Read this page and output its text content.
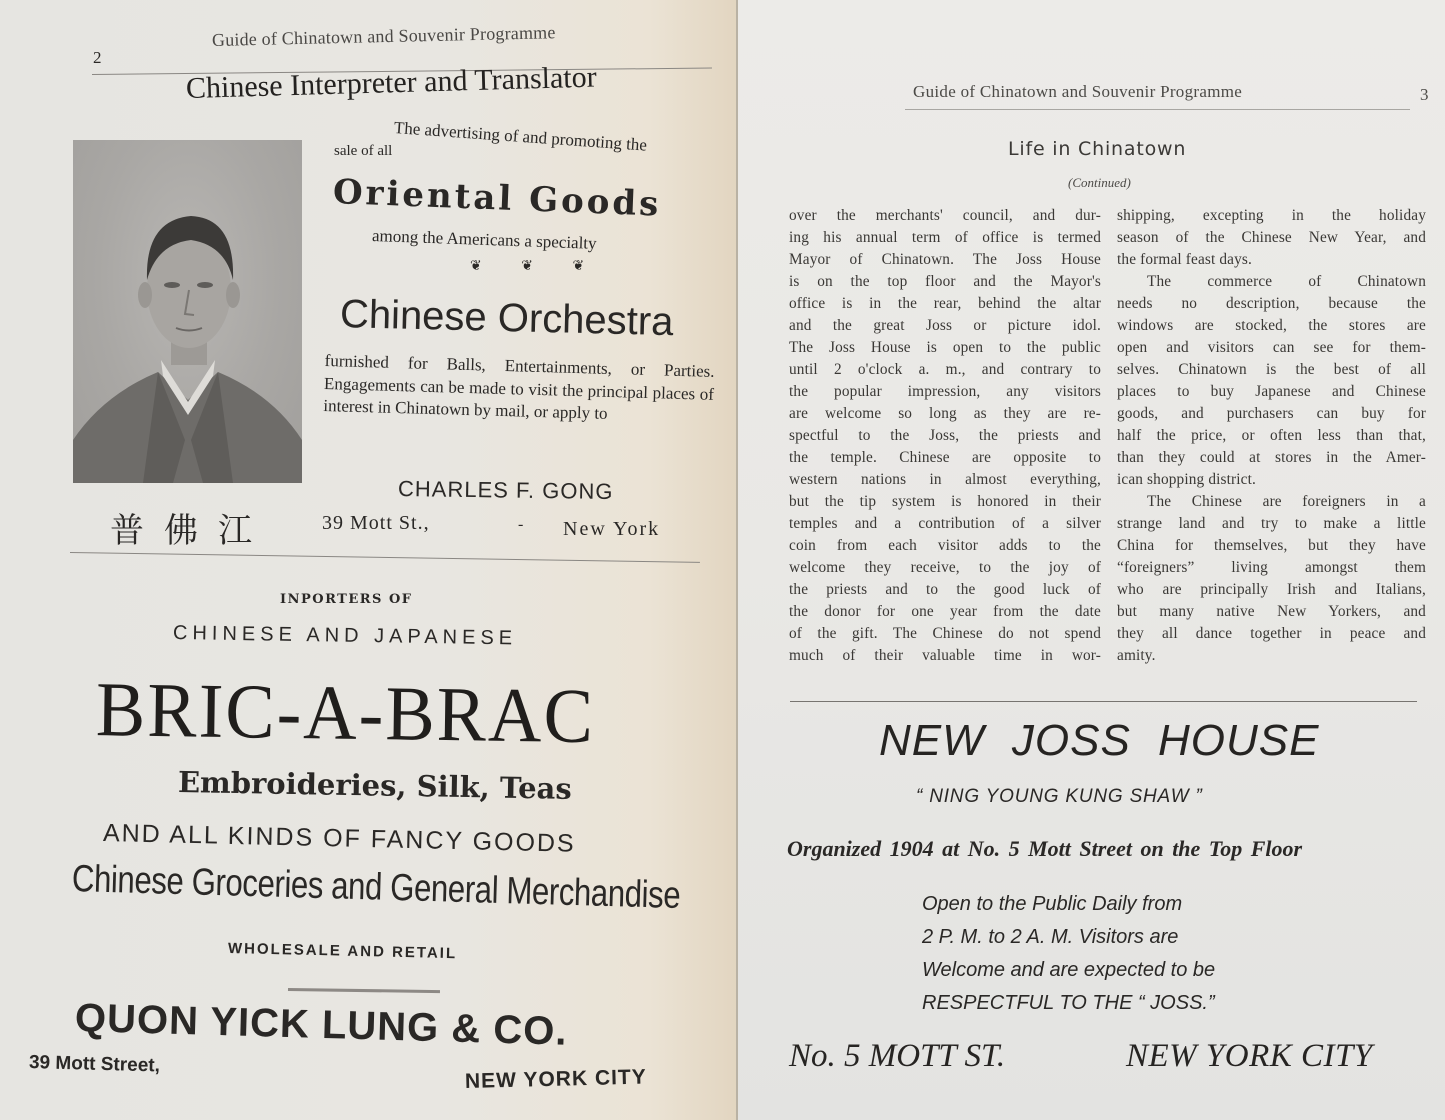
2
Guide of Chinatown and Souvenir Programme
Chinese Interpreter and Translator
The advertising of and promoting the
sale of all
Oriental Goods
among the Americans a specialty
❦ ❦ ❦
Chinese Orchestra
furnished for Balls, Entertainments, or Parties. Engagements can be made to visit the principal places of interest in Chinatown by mail, or apply to
CHARLES F. GONG
普佛江	39 Mott St.,	- New York
INPORTERS OF
CHINESE AND JAPANESE
BRIC-A-BRAC
Embroideries, Silk, Teas
AND ALL KINDS OF FANCY GOODS
Chinese Groceries and General Merchandise
WHOLESALE AND RETAIL
QUON YICK LUNG & CO.
39 Mott Street,
NEW YORK CITY
Guide of Chinatown and Souvenir Programme	3
Life in Chinatown
(Continued)
over the merchants' council, and dur-
ing his annual term of office is termed
Mayor of Chinatown. The Joss House
is on the top floor and the Mayor's
office is in the rear, behind the altar
and the great Joss or picture idol.
The Joss House is open to the public
until 2 o'clock a. m., and contrary to
the popular impression, any visitors
are welcome so long as they are re-
spectful to the Joss, the priests and
the temple. Chinese are opposite to
western nations in almost everything,
but the tip system is honored in their
temples and a contribution of a silver
coin from each visitor adds to the
welcome they receive, to the joy of
the priests and to the good luck of
the donor for one year from the date
of the gift. The Chinese do not spend
much of their valuable time in wor-
shipping, excepting in the holiday
season of the Chinese New Year, and
the formal feast days.
The commerce of Chinatown
needs no description, because the
windows are stocked, the stores are
open and visitors can see for them-
selves. Chinatown is the best of all
places to buy Japanese and Chinese
goods, and purchasers can buy for
half the price, or often less than that,
than they could at stores in the Amer-
ican shopping district.
The Chinese are foreigners in a
strange land and try to make a little
China for themselves, but they have
“foreigners” living amongst them
who are principally Irish and Italians,
but many native New Yorkers, and
they all dance together in peace and
amity.
NEW JOSS HOUSE
“ NING YOUNG KUNG SHAW ”
Organized 1904 at No. 5 Mott Street on the Top Floor
Open to the Public Daily from
2 P. M. to 2 A. M. Visitors are
Welcome and are expected to be
RESPECTFUL TO THE “ JOSS.”
No. 5 MOTT ST.	NEW YORK CITY
